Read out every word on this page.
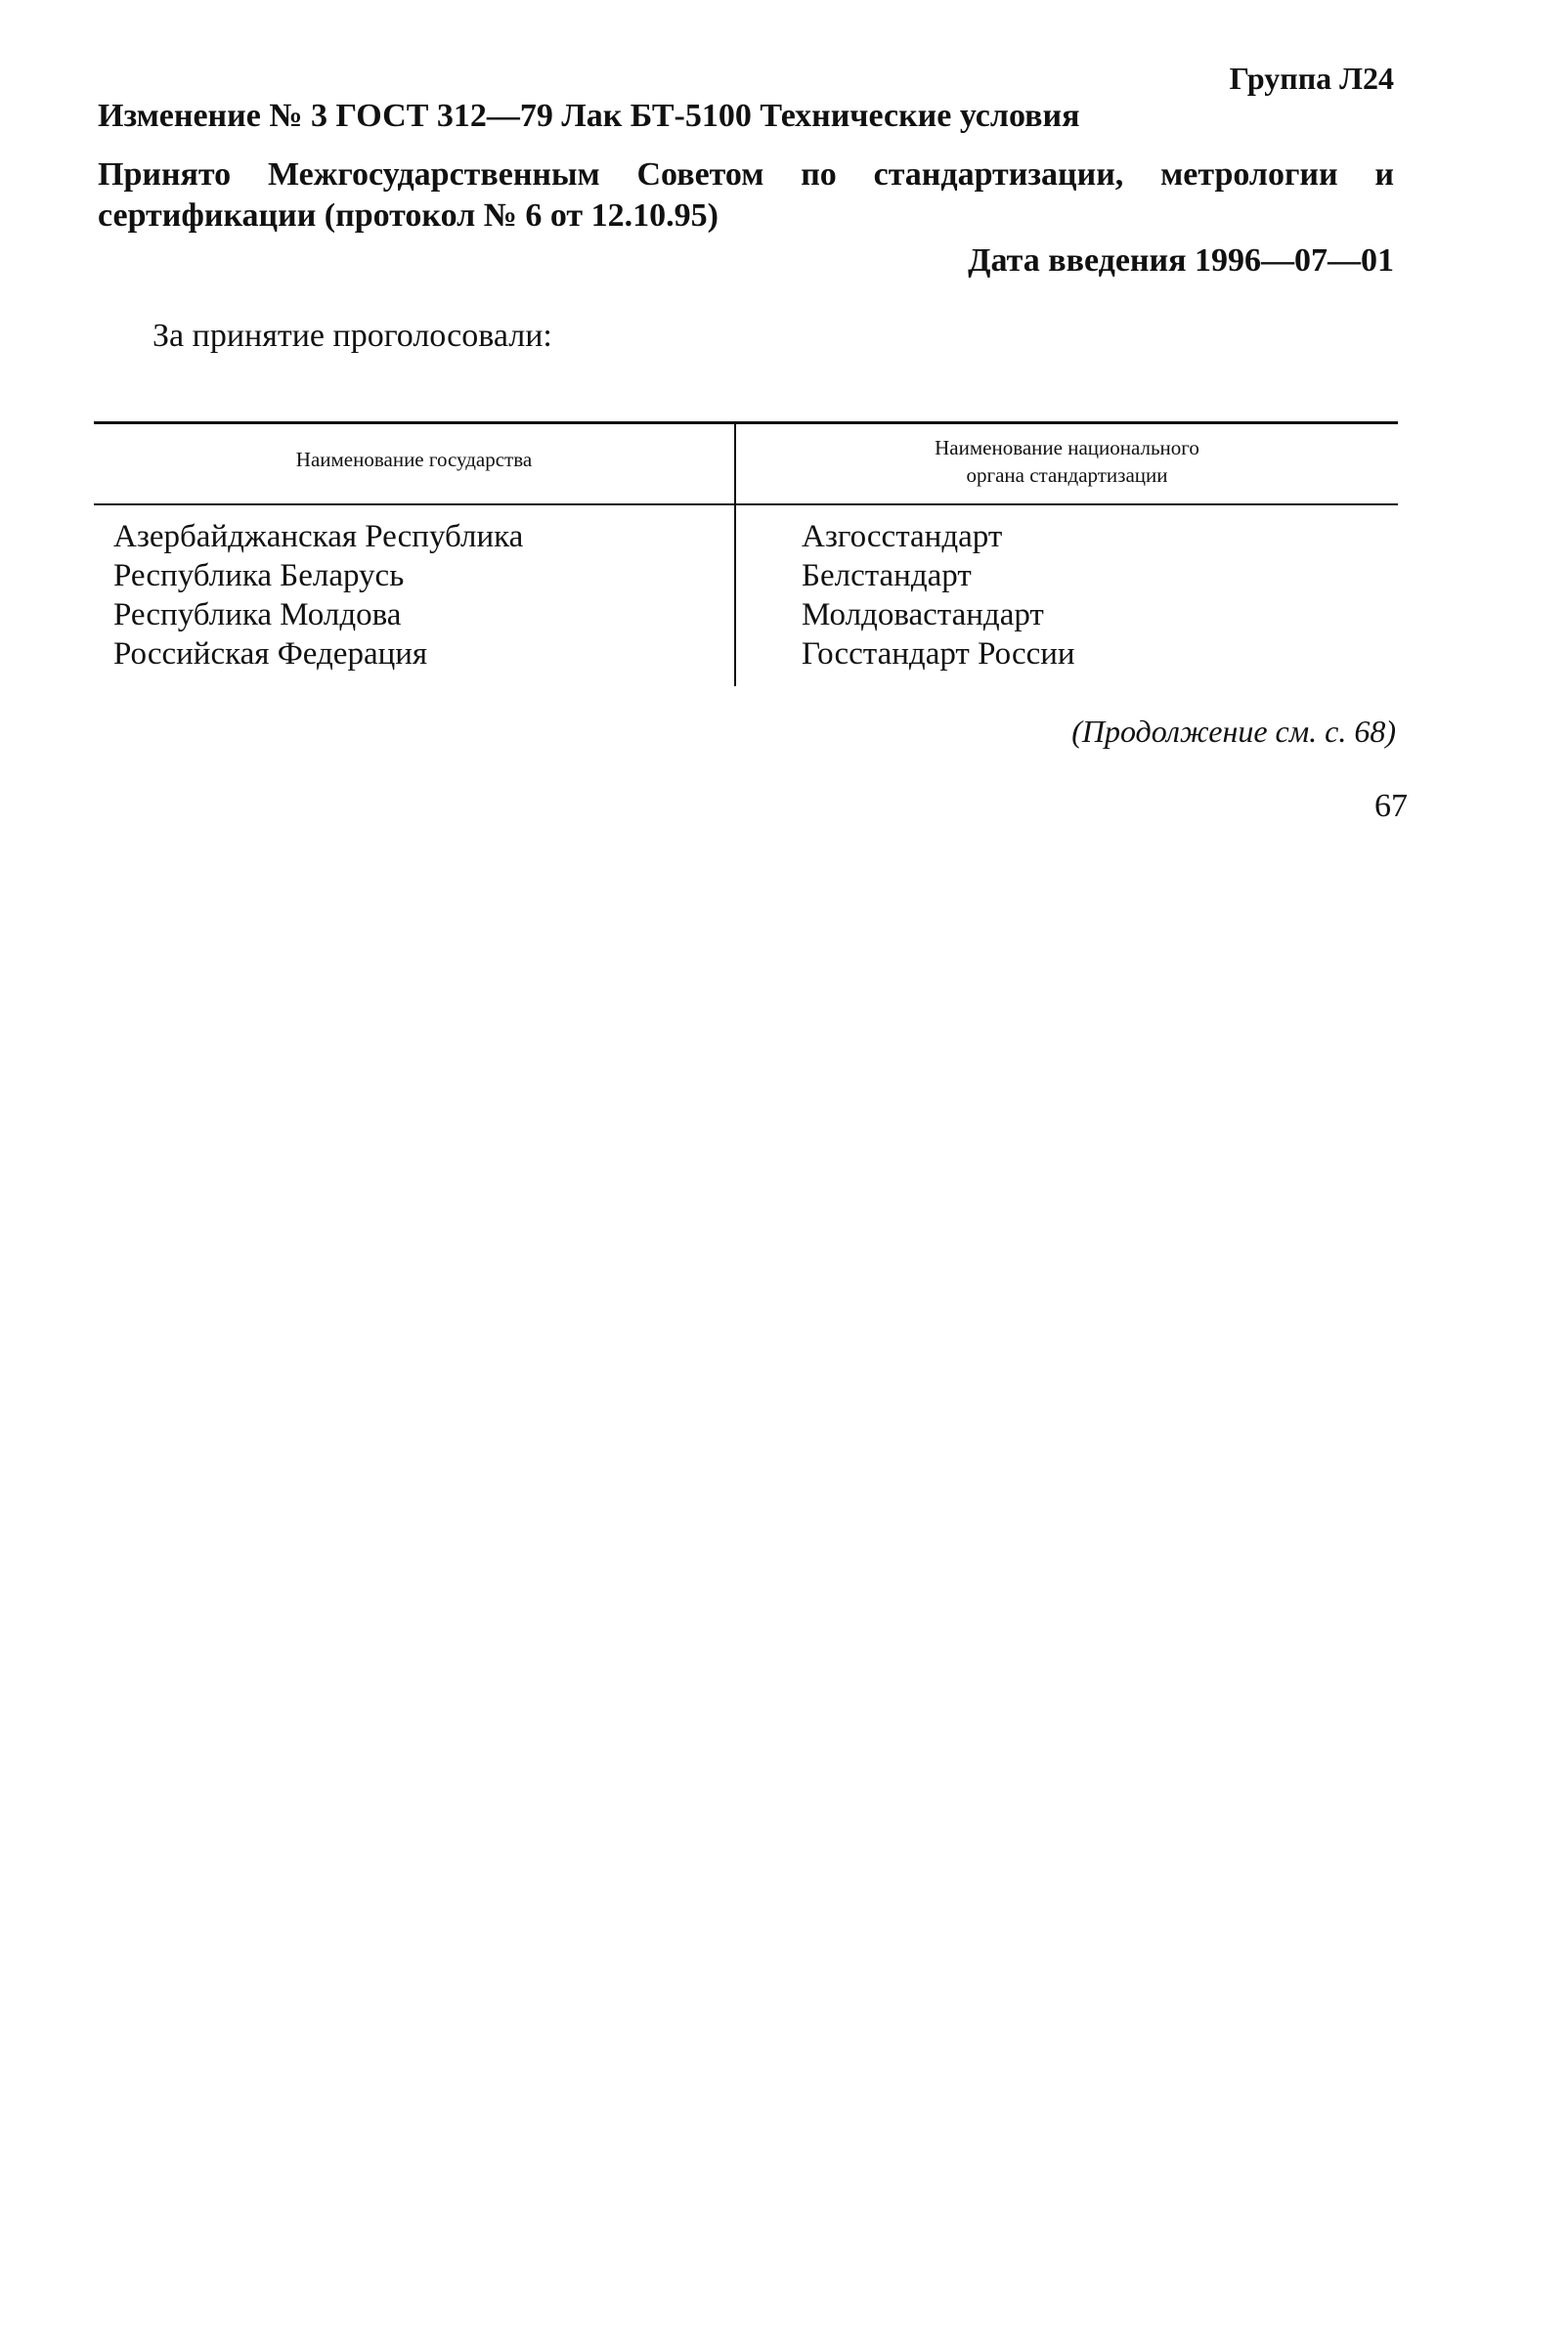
Группа Л24
Изменение № 3 ГОСТ 312—79 Лак БТ-5100 Технические условия
Принято Межгосударственным Советом по стандартизации, метрологии и сертификации (протокол № 6 от 12.10.95)
Дата введения 1996—07—01
За принятие проголосовали:
Наименование государства	Наименование национального
органа стандартизации
Азербайджанская Республика
Республика Беларусь
Республика Молдова
Российская Федерация
Азгосстандарт
Белстандарт
Молдовастандарт
Госстандарт России
(Продолжение см. с. 68)
67
